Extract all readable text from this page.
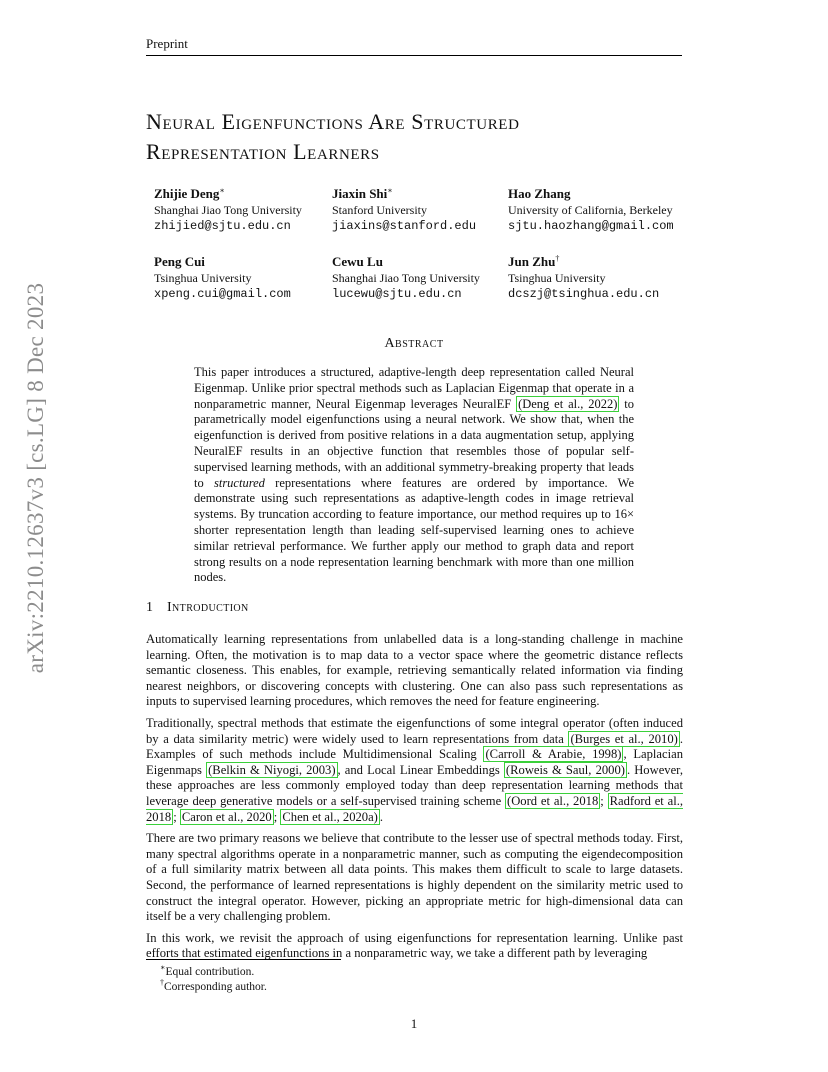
Preprint
arXiv:2210.12637v3 [cs.LG] 8 Dec 2023
Neural Eigenfunctions Are Structured
Representation Learners
Zhijie Deng∗
Shanghai Jiao Tong University
zhijied@sjtu.edu.cn
Jiaxin Shi∗
Stanford University
jiaxins@stanford.edu
Hao Zhang
University of California, Berkeley
sjtu.haozhang@gmail.com
Peng Cui
Tsinghua University
xpeng.cui@gmail.com
Cewu Lu
Shanghai Jiao Tong University
lucewu@sjtu.edu.cn
Jun Zhu†
Tsinghua University
dcszj@tsinghua.edu.cn
Abstract
This paper introduces a structured, adaptive-length deep representation called Neural Eigenmap. Unlike prior spectral methods such as Laplacian Eigenmap that operate in a nonparametric manner, Neural Eigenmap leverages NeuralEF (Deng et al., 2022) to parametrically model eigenfunctions using a neural network. We show that, when the eigenfunction is derived from positive relations in a data augmentation setup, applying NeuralEF results in an objective function that resembles those of popular self-supervised learning methods, with an additional symmetry-breaking property that leads to structured representations where features are ordered by importance. We demonstrate using such representations as adaptive-length codes in image retrieval systems. By truncation according to feature importance, our method requires up to 16× shorter representation length than leading self-supervised learning ones to achieve similar retrieval performance. We further apply our method to graph data and report strong results on a node representation learning benchmark with more than one million nodes.
1 Introduction

Automatically learning representations from unlabelled data is a long-standing challenge in machine learning. Often, the motivation is to map data to a vector space where the geometric distance reflects semantic closeness. This enables, for example, retrieving semantically related information via finding nearest neighbors, or discovering concepts with clustering. One can also pass such representations as inputs to supervised learning procedures, which removes the need for feature engineering.

Traditionally, spectral methods that estimate the eigenfunctions of some integral operator (often induced by a data similarity metric) were widely used to learn representations from data (Burges et al., 2010) . Examples of such methods include Multidimensional Scaling (Carroll & Arabie, 1998) , Laplacian Eigenmaps (Belkin & Niyogi, 2003) , and Local Linear Embeddings (Roweis & Saul, 2000) . However, these approaches are less commonly employed today than deep representation learning methods that leverage deep generative models or a self-supervised training scheme (Oord et al., 2018 ; Radford et al., 2018 ; Caron et al., 2020 ; Chen et al., 2020a) .

There are two primary reasons we believe that contribute to the lesser use of spectral methods today. First, many spectral algorithms operate in a nonparametric manner, such as computing the eigendecomposition of a full similarity matrix between all data points. This makes them difficult to scale to large datasets. Second, the performance of learned representations is highly dependent on the similarity metric used to construct the integral operator. However, picking an appropriate metric for high-dimensional data can itself be a very challenging problem.

In this work, we revisit the approach of using eigenfunctions for representation learning. Unlike past efforts that estimated eigenfunctions in a nonparametric way, we take a different path by leveraging

∗Equal contribution.
†Corresponding author.
1
